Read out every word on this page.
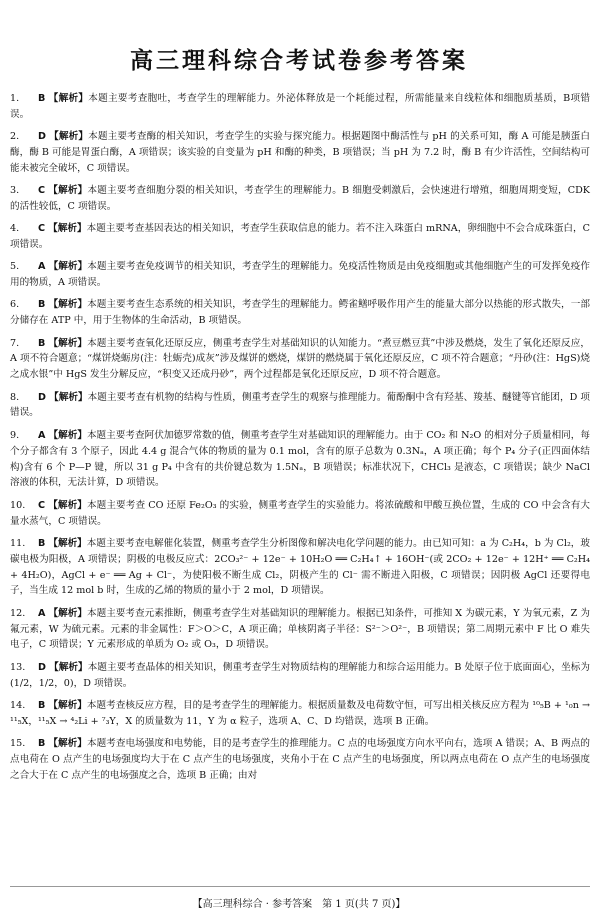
高三理科综合考试卷参考答案
1. B 【解析】本题主要考查胞吐，考查学生的理解能力。外泌体释放是一个耗能过程，所需能量来自线粒体和细胞质基质，B项错误。
2. D 【解析】本题主要考查酶的相关知识，考查学生的实验与探究能力。根据题图中酶活性与 pH 的关系可知，酶 A 可能是胰蛋白酶，酶 B 可能是胃蛋白酶，A 项错误；该实验的自变量为 pH 和酶的种类，B 项错误；当 pH 为 7.2 时，酶 B 有少许活性，空间结构可能未被完全破坏，C 项错误。
3. C 【解析】本题主要考查细胞分裂的相关知识，考查学生的理解能力。B 细胞受刺激后，会快速进行增殖，细胞周期变短，CDK 的活性较低，C 项错误。
4. C 【解析】本题主要考查基因表达的相关知识，考查学生获取信息的能力。若不注入珠蛋白 mRNA，卵细胞中不会合成珠蛋白，C 项错误。
5. A 【解析】本题主要考查免疫调节的相关知识，考查学生的理解能力。免疫活性物质是由免疫细胞或其他细胞产生的可发挥免疫作用的物质，A 项错误。
6. B 【解析】本题主要考查生态系统的相关知识，考查学生的理解能力。鳄雀鳝呼吸作用产生的能量大部分以热能的形式散失，一部分储存在 ATP 中，用于生物体的生命活动，B 项错误。
7. B 【解析】本题主要考查氧化还原反应，侧重考查学生对基础知识的认知能力。“煮豆燃豆萁”中涉及燃烧，发生了氧化还原反应，A 项不符合题意；“煤饼烧蛎房(注：牡蛎壳)成灰”涉及煤饼的燃烧，煤饼的燃烧属于氧化还原反应，C 项不符合题意；“丹砂(注：HgS)烧之成水银”中 HgS 发生分解反应，“积变又还成丹砂”，两个过程都是氧化还原反应，D 项不符合题意。
8. D 【解析】本题主要考查有机物的结构与性质，侧重考查学生的观察与推理能力。葡酚酮中含有羟基、羧基、醚键等官能团，D 项错误。
9. A 【解析】本题主要考查阿伏加德罗常数的值，侧重考查学生对基础知识的理解能力。由于 CO₂ 和 N₂O 的相对分子质量相同，每个分子都含有 3 个原子，因此 4.4 g 混合气体的物质的量为 0.1 mol，含有的原子总数为 0.3Nₐ，A 项正确；每个 P₄ 分子(正四面体结构)含有 6 个 P—P 键，所以 31 g P₄ 中含有的共价键总数为 1.5Nₐ，B 项错误；标准状况下，CHCl₃ 是液态，C 项错误；缺少 NaCl 溶液的体积，无法计算，D 项错误。
10. C 【解析】本题主要考查 CO 还原 Fe₂O₃ 的实验，侧重考查学生的实验能力。将浓硫酸和甲酸互换位置，生成的 CO 中会含有大量水蒸气，C 项错误。
11. B 【解析】本题主要考查电解催化装置，侧重考查学生分析图像和解决电化学问题的能力。由已知可知：a 为 C₂H₄，b 为 Cl₂，玻碳电极为阳极，A 项错误；阴极的电极反应式：2CO₃²⁻ + 12e⁻ + 10H₂O ══ C₂H₄↑ + 16OH⁻(或 2CO₂ + 12e⁻ + 12H⁺ ══ C₂H₄ + 4H₂O)，AgCl + e⁻ ══ Ag + Cl⁻，为使阳极不断生成 Cl₂，阴极产生的 Cl⁻ 需不断进入阳极，C 项错误；因阴极 AgCl 还要得电子，当生成 12 mol b 时，生成的乙烯的物质的量小于 2 mol，D 项错误。
12. A 【解析】本题主要考查元素推断，侧重考查学生对基础知识的理解能力。根据已知条件，可推知 X 为碳元素，Y 为氧元素，Z 为氟元素，W 为硫元素。元素的非金属性：F＞O＞C，A 项正确；单核阴离子半径：S²⁻＞O²⁻，B 项错误；第二周期元素中 F 比 O 难失电子，C 项错误；Y 元素形成的单质为 O₂ 或 O₃，D 项错误。
13. D 【解析】本题主要考查晶体的相关知识，侧重考查学生对物质结构的理解能力和综合运用能力。B 处原子位于底面面心，坐标为(1/2，1/2，0)，D 项错误。
14. B 【解析】本题考查核反应方程，目的是考查学生的理解能力。根据质量数及电荷数守恒，可写出相关核反应方程为 ¹⁰₅B + ¹₀n → ¹¹₅X，¹¹₅X → ⁴₂Li + ⁷₃Y，X 的质量数为 11，Y 为 α 粒子，选项 A、C、D 均错误，选项 B 正确。
15. B 【解析】本题考查电场强度和电势能，目的是考查学生的推理能力。C 点的电场强度方向水平向右，选项 A 错误；A、B 两点的点电荷在 O 点产生的电场强度均大于在 C 点产生的电场强度，夹角小于在 C 点产生的电场强度，所以两点电荷在 O 点产生的电场强度之合大于在 C 点产生的电场强度之合，选项 B 正确；由对
【高三理科综合 · 参考答案　第 1 页(共 7 页)】
